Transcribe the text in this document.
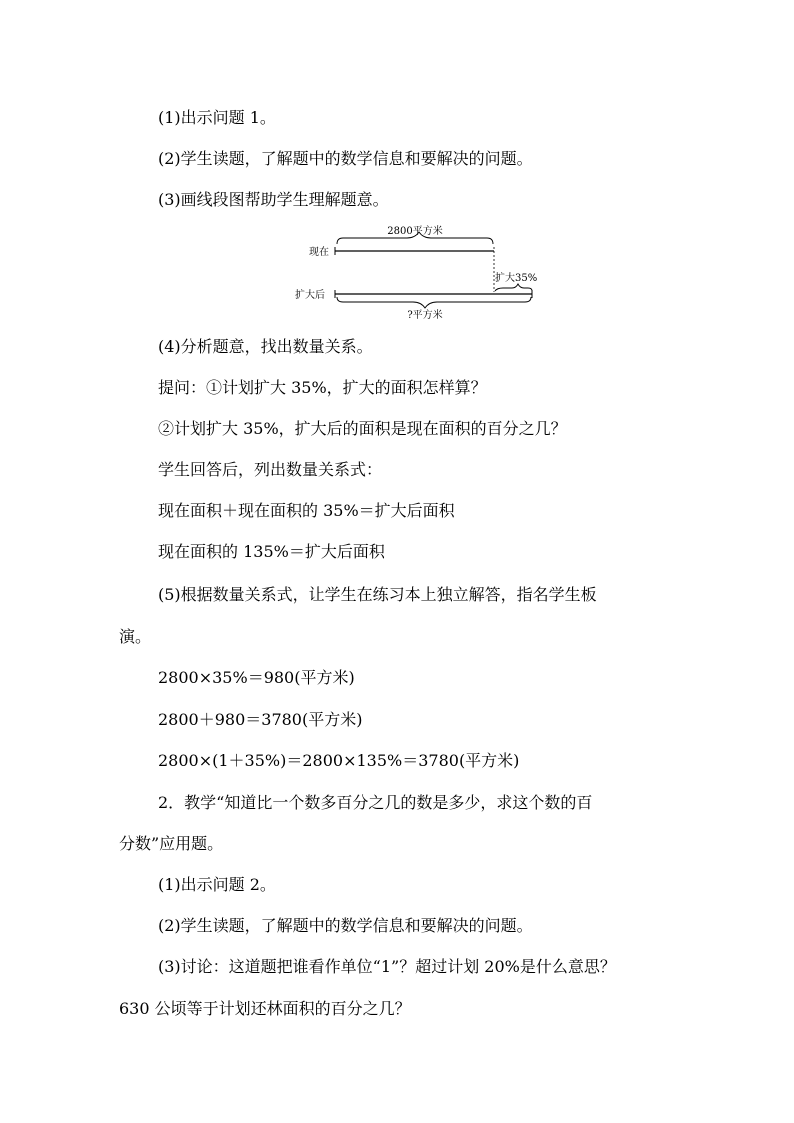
(1)出示问题 1。
(2)学生读题，了解题中的数学信息和要解决的问题。
(3)画线段图帮助学生理解题意。
2800平方米
现在
扩大35%
扩大后
?平方米
(4)分析题意，找出数量关系。
提问：①计划扩大 35%，扩大的面积怎样算？
②计划扩大 35%，扩大后的面积是现在面积的百分之几？
学生回答后，列出数量关系式：
现在面积＋现在面积的 35%＝扩大后面积
现在面积的 135%＝扩大后面积
(5)根据数量关系式，让学生在练习本上独立解答，指名学生板
演。
2800×35%＝980(平方米)
2800＋980＝3780(平方米)
2800×(1＋35%)＝2800×135%＝3780(平方米)
2．教学“知道比一个数多百分之几的数是多少，求这个数的百
分数”应用题。
(1)出示问题 2。
(2)学生读题，了解题中的数学信息和要解决的问题。
(3)讨论：这道题把谁看作单位“1”？超过计划 20%是什么意思？
630 公顷等于计划还林面积的百分之几？
